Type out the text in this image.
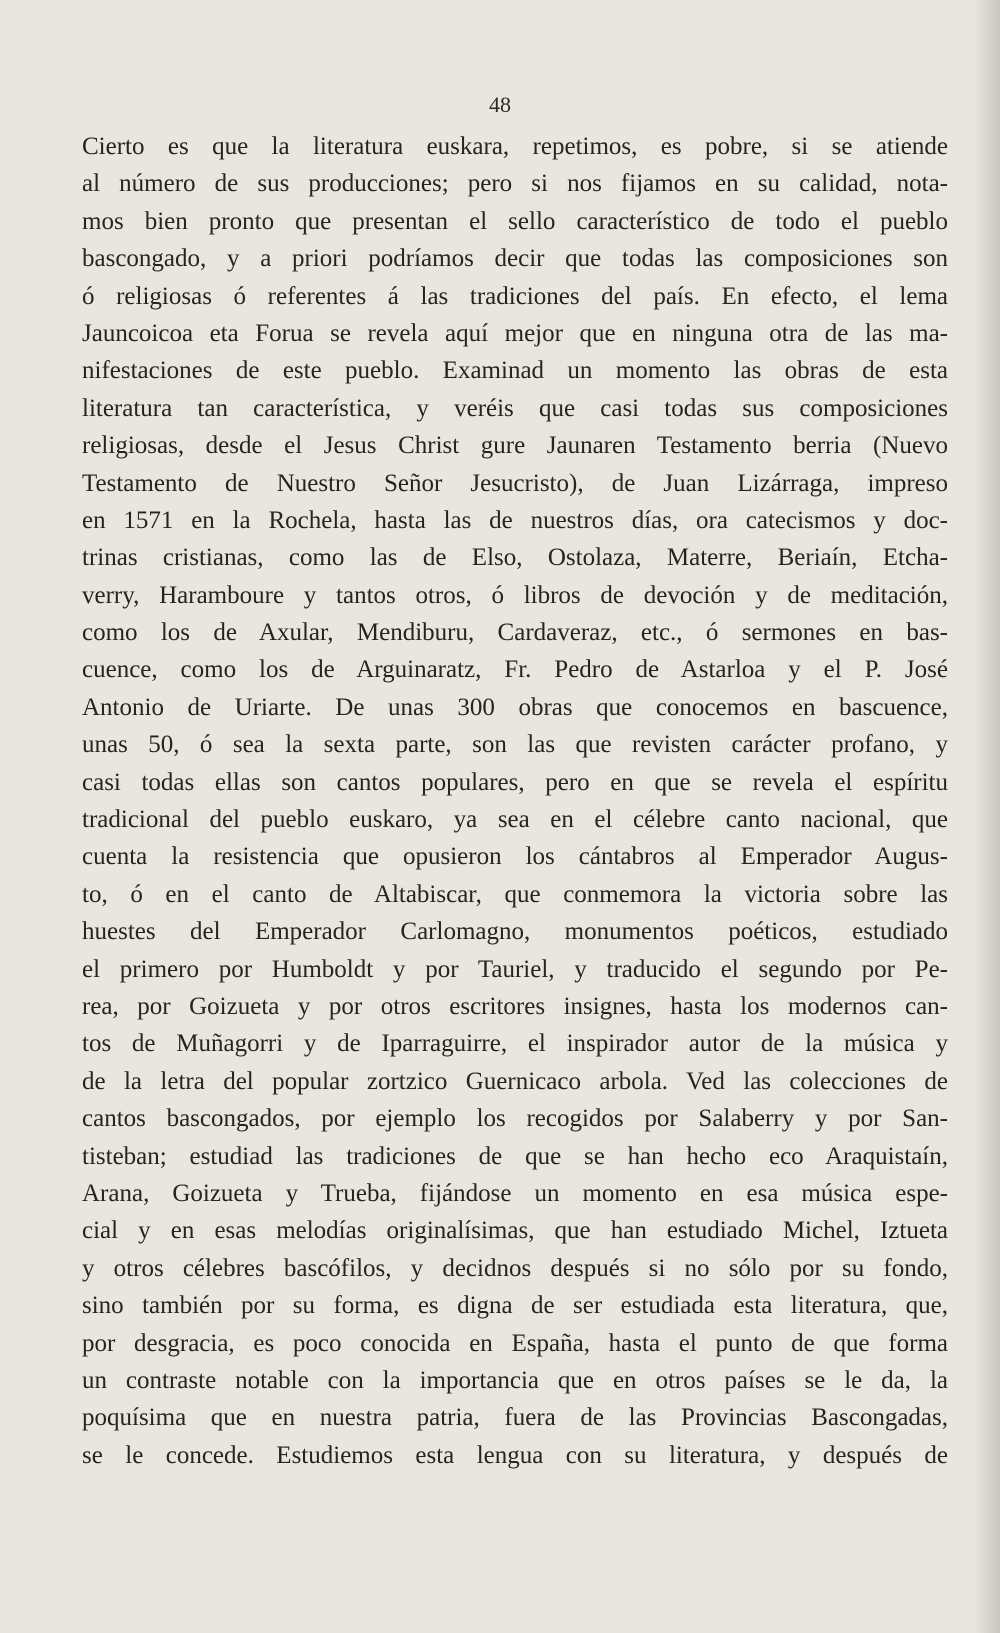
48

Cierto es que la literatura euskara, repetimos, es pobre, si se atiende
al número de sus producciones; pero si nos fijamos en su calidad, nota-
mos bien pronto que presentan el sello característico de todo el pueblo
bascongado, y a priori podríamos decir que todas las composiciones son
ó religiosas ó referentes á las tradiciones del país. En efecto, el lema
Jauncoicoa eta Forua se revela aquí mejor que en ninguna otra de las ma-
nifestaciones de este pueblo. Examinad un momento las obras de esta
literatura tan característica, y veréis que casi todas sus composiciones
religiosas, desde el Jesus Christ gure Jaunaren Testamento berria (Nuevo
Testamento de Nuestro Señor Jesucristo), de Juan Lizárraga, impreso
en 1571 en la Rochela, hasta las de nuestros días, ora catecismos y doc-
trinas cristianas, como las de Elso, Ostolaza, Materre, Beriaín, Etcha-
verry, Haramboure y tantos otros, ó libros de devoción y de meditación,
como los de Axular, Mendiburu, Cardaveraz, etc., ó sermones en bas-
cuence, como los de Arguinaratz, Fr. Pedro de Astarloa y el P. José
Antonio de Uriarte. De unas 300 obras que conocemos en bascuence,
unas 50, ó sea la sexta parte, son las que revisten carácter profano, y
casi todas ellas son cantos populares, pero en que se revela el espíritu
tradicional del pueblo euskaro, ya sea en el célebre canto nacional, que
cuenta la resistencia que opusieron los cántabros al Emperador Augus-
to, ó en el canto de Altabiscar, que conmemora la victoria sobre las
huestes del Emperador Carlomagno, monumentos poéticos, estudiado
el primero por Humboldt y por Tauriel, y traducido el segundo por Pe-
rea, por Goizueta y por otros escritores insignes, hasta los modernos can-
tos de Muñagorri y de Iparraguirre, el inspirador autor de la música y
de la letra del popular zortzico Guernicaco arbola. Ved las colecciones de
cantos bascongados, por ejemplo los recogidos por Salaberry y por San-
tisteban; estudiad las tradiciones de que se han hecho eco Araquistaín,
Arana, Goizueta y Trueba, fijándose un momento en esa música espe-
cial y en esas melodías originalísimas, que han estudiado Michel, Iztueta
y otros célebres bascófilos, y decidnos después si no sólo por su fondo,
sino también por su forma, es digna de ser estudiada esta literatura, que,
por desgracia, es poco conocida en España, hasta el punto de que forma
un contraste notable con la importancia que en otros países se le da, la
poquísima que en nuestra patria, fuera de las Provincias Bascongadas,
se le concede. Estudiemos esta lengua con su literatura, y después de
